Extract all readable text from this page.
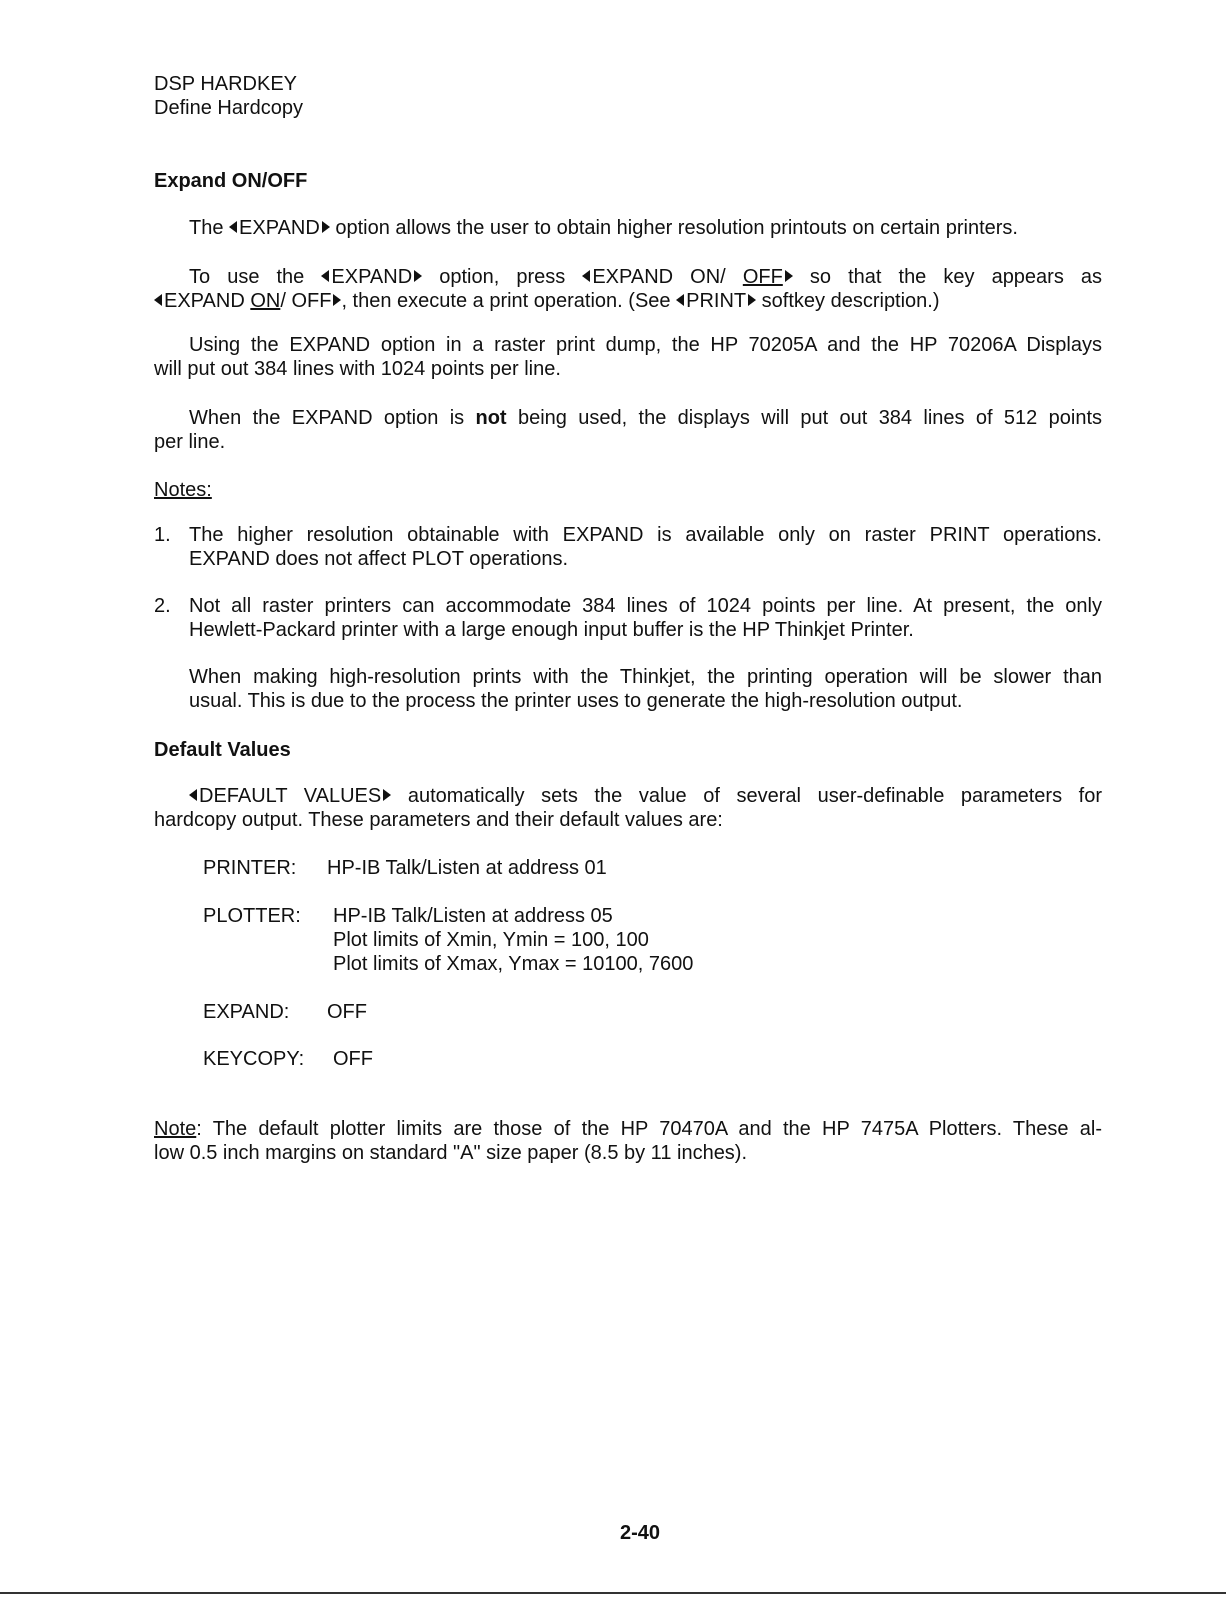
DSP HARDKEY
Define Hardcopy
Expand ON/OFF
The EXPAND option allows the user to obtain higher resolution printouts on certain printers.
To use the EXPAND option, press EXPAND ON/ OFF so that the key appears as
EXPAND ON/ OFF , then execute a print operation. (See PRINT softkey description.)
Using the EXPAND option in a raster print dump, the HP 70205A and the HP 70206A Displays
will put out 384 lines with 1024 points per line.
When the EXPAND option is not being used, the displays will put out 384 lines of 512 points
per line.
Notes:
1. The higher resolution obtainable with EXPAND is available only on raster PRINT operations.
EXPAND does not affect PLOT operations.
2. Not all raster printers can accommodate 384 lines of 1024 points per line. At present, the only
Hewlett-Packard printer with a large enough input buffer is the HP Thinkjet Printer.
When making high-resolution prints with the Thinkjet, the printing operation will be slower than
usual. This is due to the process the printer uses to generate the high-resolution output.
Default Values
DEFAULT VALUES automatically sets the value of several user-definable parameters for
hardcopy output. These parameters and their default values are:
PRINTER: HP-IB Talk/Listen at address 01
PLOTTER: HP-IB Talk/Listen at address 05
Plot limits of Xmin, Ymin = 100, 100
Plot limits of Xmax, Ymax = 10100, 7600
EXPAND: OFF
KEYCOPY: OFF
Note: The default plotter limits are those of the HP 70470A and the HP 7475A Plotters. These al-
low 0.5 inch margins on standard "A" size paper (8.5 by 11 inches).
2-40
